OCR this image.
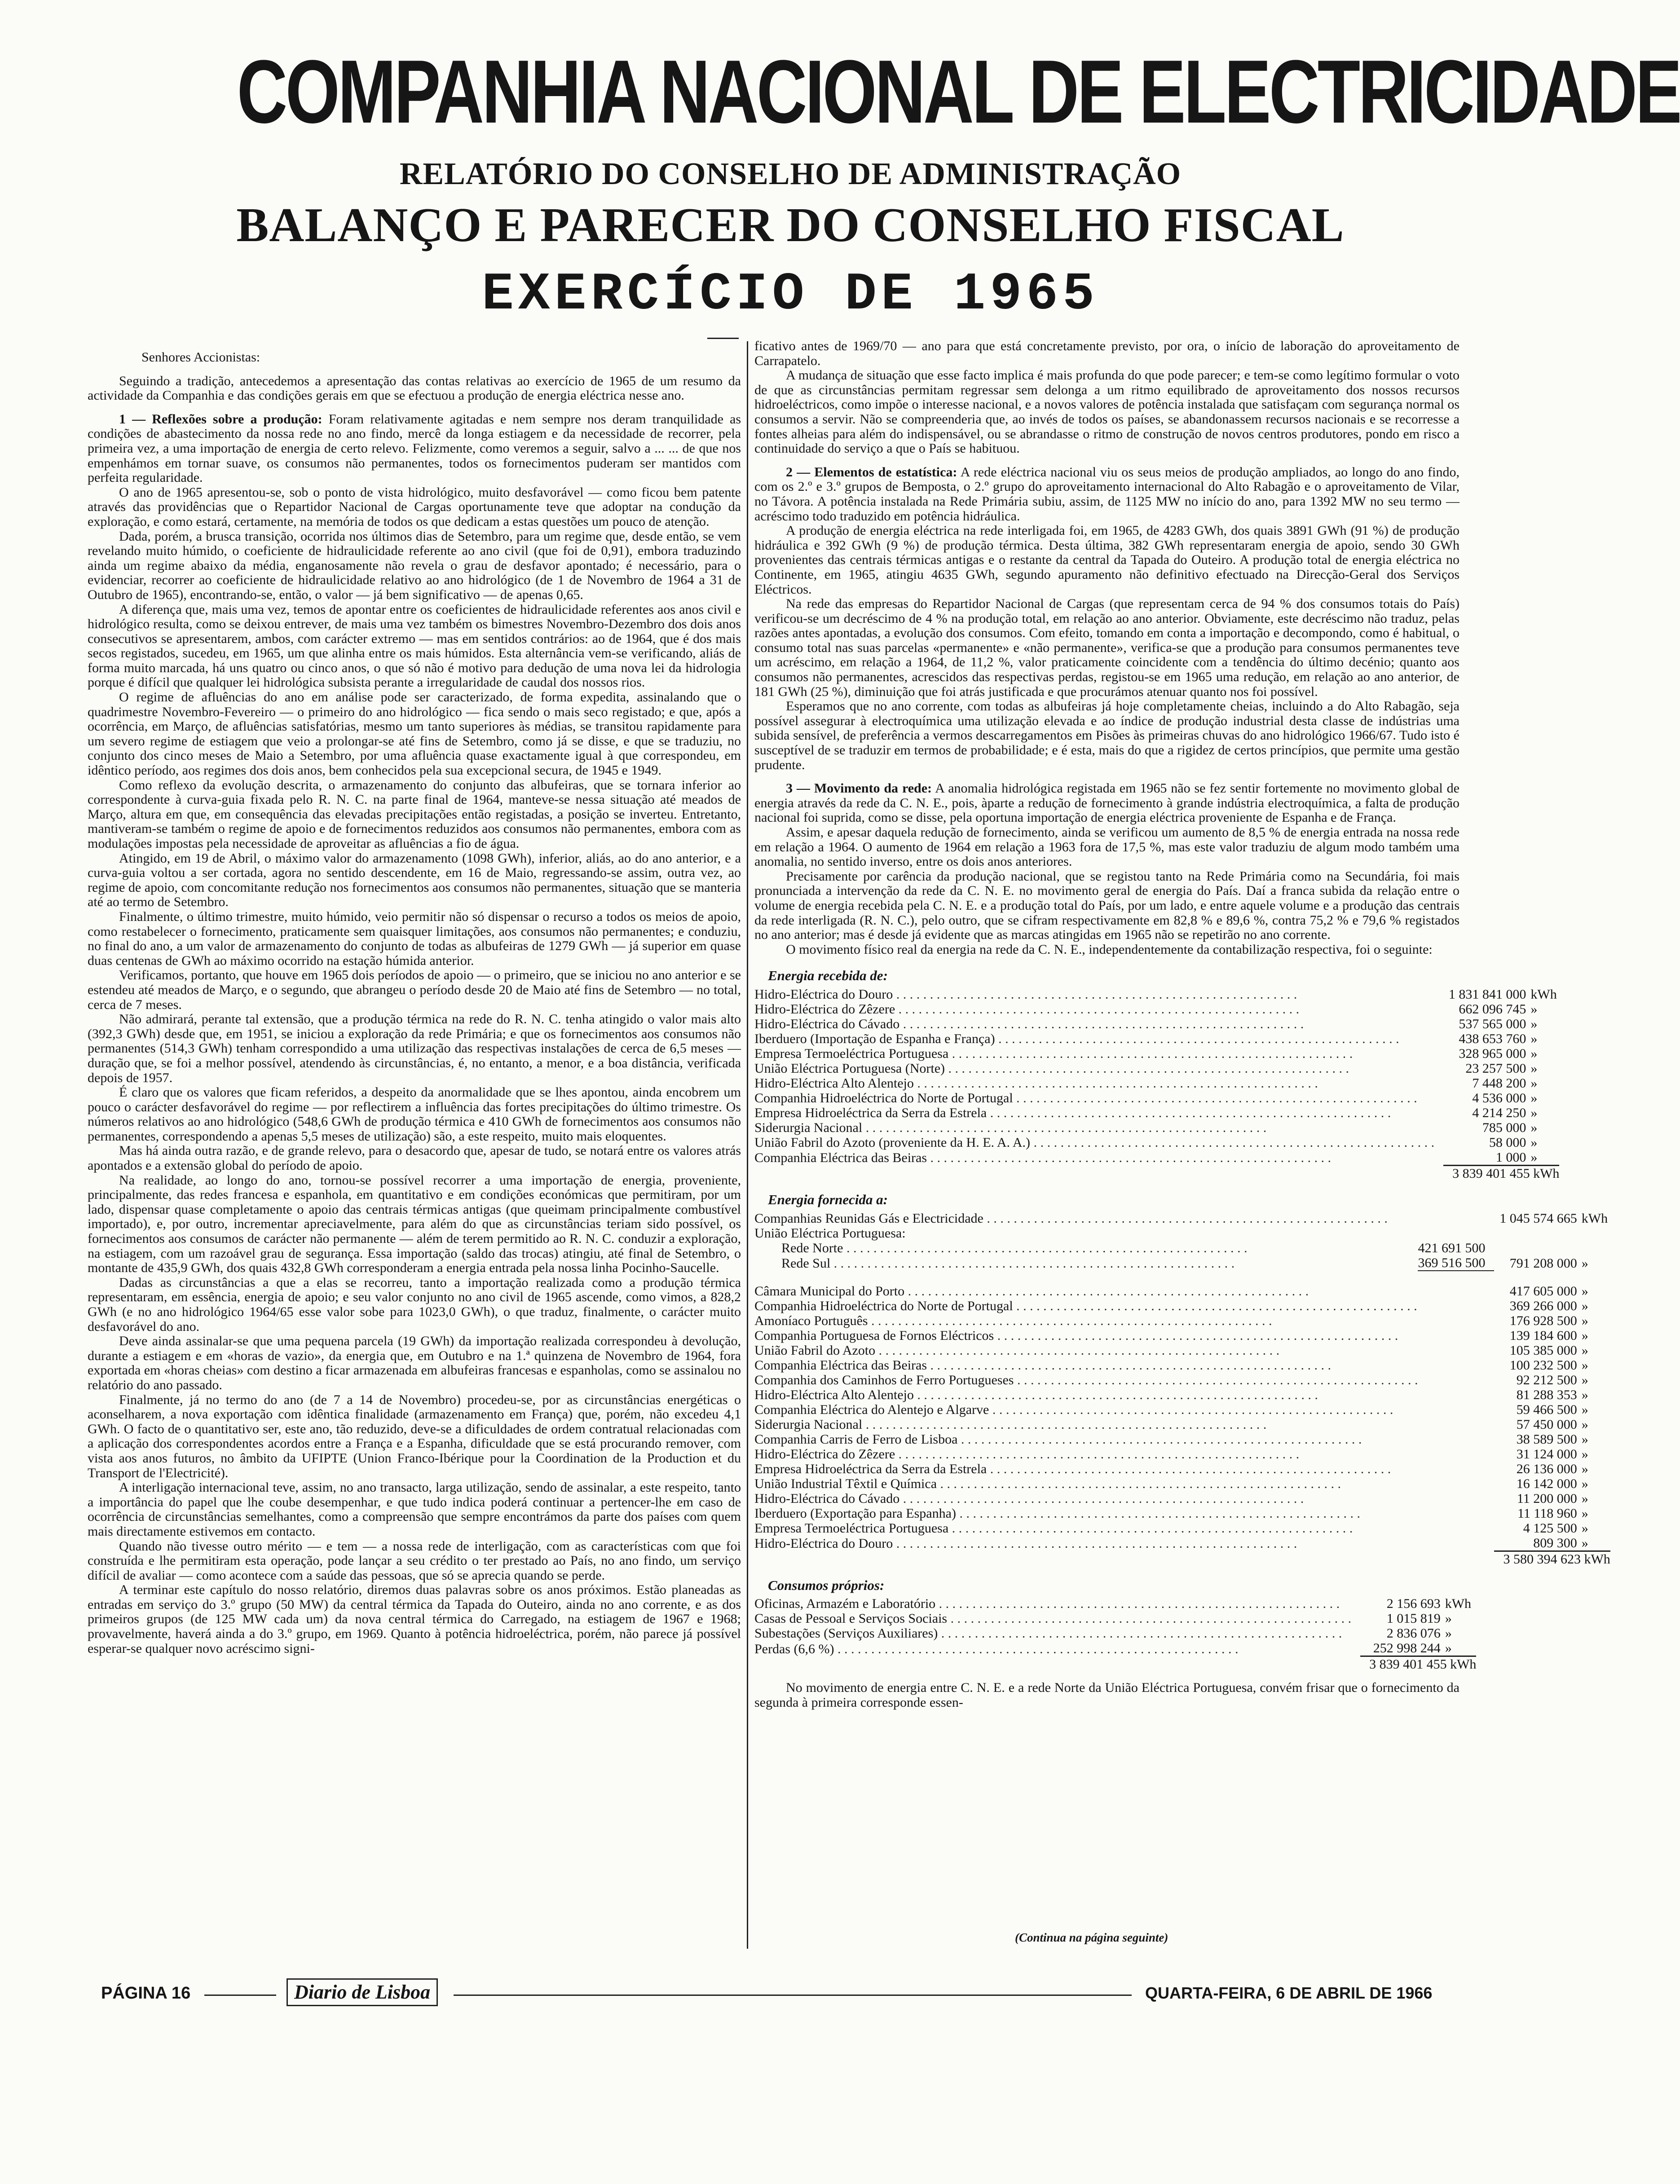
COMPANHIA NACIONAL DE ELECTRICIDADE
RELATÓRIO DO CONSELHO DE ADMINISTRAÇÃO
BALANÇO E PARECER DO CONSELHO FISCAL
EXERCÍCIO DE 1965

Senhores Accionistas:

Seguindo a tradição, antecedemos a apresentação das contas relativas ao exercício de 1965 de um resumo da actividade da Companhia e das condições gerais em que se efectuou a produção de energia eléctrica nesse ano.

1 — Reflexões sobre a produção: Foram relativamente agitadas e nem sempre nos deram tranquilidade as condições de abastecimento da nossa rede no ano findo, mercê da longa estiagem e da necessidade de recorrer, pela primeira vez, a uma importação de energia de certo relevo. Felizmente, como veremos a seguir, salvo a ... ... de que nos empenhámos em tornar suave, os consumos não permanentes, todos os fornecimentos puderam ser mantidos com perfeita regularidade.

O ano de 1965 apresentou-se, sob o ponto de vista hidrológico, muito desfavorável — como ficou bem patente através das providências que o Repartidor Nacional de Cargas oportunamente teve que adoptar na condução da exploração, e como estará, certamente, na memória de todos os que dedicam a estas questões um pouco de atenção.

Dada, porém, a brusca transição, ocorrida nos últimos dias de Setembro, para um regime que, desde então, se vem revelando muito húmido, o coeficiente de hidraulicidade referente ao ano civil (que foi de 0,91), embora traduzindo ainda um regime abaixo da média, enganosamente não revela o grau de desfavor apontado; é necessário, para o evidenciar, recorrer ao coeficiente de hidraulicidade relativo ao ano hidrológico (de 1 de Novembro de 1964 a 31 de Outubro de 1965), encontrando-se, então, o valor — já bem significativo — de apenas 0,65.

A diferença que, mais uma vez, temos de apontar entre os coeficientes de hidraulicidade referentes aos anos civil e hidrológico resulta, como se deixou entrever, de mais uma vez também os bimestres Novembro-Dezembro dos dois anos consecutivos se apresentarem, ambos, com carácter extremo — mas em sentidos contrários: ao de 1964, que é dos mais secos registados, sucedeu, em 1965, um que alinha entre os mais húmidos. Esta alternância vem-se verificando, aliás de forma muito marcada, há uns quatro ou cinco anos, o que só não é motivo para dedução de uma nova lei da hidrologia porque é difícil que qualquer lei hidrológica subsista perante a irregularidade de caudal dos nossos rios.

O regime de afluências do ano em análise pode ser caracterizado, de forma expedita, assinalando que o quadrimestre Novembro-Fevereiro — o primeiro do ano hidrológico — fica sendo o mais seco registado; e que, após a ocorrência, em Março, de afluências satisfatórias, mesmo um tanto superiores às médias, se transitou rapidamente para um severo regime de estiagem que veio a prolongar-se até fins de Setembro, como já se disse, e que se traduziu, no conjunto dos cinco meses de Maio a Setembro, por uma afluência quase exactamente igual à que correspondeu, em idêntico período, aos regimes dos dois anos, bem conhecidos pela sua excepcional secura, de 1945 e 1949.

Como reflexo da evolução descrita, o armazenamento do conjunto das albufeiras, que se tornara inferior ao correspondente à curva-guia fixada pelo R. N. C. na parte final de 1964, manteve-se nessa situação até meados de Março, altura em que, em consequência das elevadas precipitações então registadas, a posição se inverteu. Entretanto, mantiveram-se também o regime de apoio e de fornecimentos reduzidos aos consumos não permanentes, embora com as modulações impostas pela necessidade de aproveitar as afluências a fio de água.

Atingido, em 19 de Abril, o máximo valor do armazenamento (1098 GWh), inferior, aliás, ao do ano anterior, e a curva-guia voltou a ser cortada, agora no sentido descendente, em 16 de Maio, regressando-se assim, outra vez, ao regime de apoio, com concomitante redução nos fornecimentos aos consumos não permanentes, situação que se manteria até ao termo de Setembro.

Finalmente, o último trimestre, muito húmido, veio permitir não só dispensar o recurso a todos os meios de apoio, como restabelecer o fornecimento, praticamente sem quaisquer limitações, aos consumos não permanentes; e conduziu, no final do ano, a um valor de armazenamento do conjunto de todas as albufeiras de 1279 GWh — já superior em quase duas centenas de GWh ao máximo ocorrido na estação húmida anterior.

Verificamos, portanto, que houve em 1965 dois períodos de apoio — o primeiro, que se iniciou no ano anterior e se estendeu até meados de Março, e o segundo, que abrangeu o período desde 20 de Maio até fins de Setembro — no total, cerca de 7 meses.

Não admirará, perante tal extensão, que a produção térmica na rede do R. N. C. tenha atingido o valor mais alto (392,3 GWh) desde que, em 1951, se iniciou a exploração da rede Primária; e que os fornecimentos aos consumos não permanentes (514,3 GWh) tenham correspondido a uma utilização das respectivas instalações de cerca de 6,5 meses — duração que, se foi a melhor possível, atendendo às circunstâncias, é, no entanto, a menor, e a boa distância, verificada depois de 1957.

É claro que os valores que ficam referidos, a despeito da anormalidade que se lhes apontou, ainda encobrem um pouco o carácter desfavorável do regime — por reflectirem a influência das fortes precipitações do último trimestre. Os números relativos ao ano hidrológico (548,6 GWh de produção térmica e 410 GWh de fornecimentos aos consumos não permanentes, correspondendo a apenas 5,5 meses de utilização) são, a este respeito, muito mais eloquentes.

Mas há ainda outra razão, e de grande relevo, para o desacordo que, apesar de tudo, se notará entre os valores atrás apontados e a extensão global do período de apoio.

Na realidade, ao longo do ano, tornou-se possível recorrer a uma importação de energia, proveniente, principalmente, das redes francesa e espanhola, em quantitativo e em condições económicas que permitiram, por um lado, dispensar quase completamente o apoio das centrais térmicas antigas (que queimam principalmente combustível importado), e, por outro, incrementar apreciavelmente, para além do que as circunstâncias teriam sido possível, os fornecimentos aos consumos de carácter não permanente — além de terem permitido ao R. N. C. conduzir a exploração, na estiagem, com um razoável grau de segurança. Essa importação (saldo das trocas) atingiu, até final de Setembro, o montante de 435,9 GWh, dos quais 432,8 GWh corresponderam a energia entrada pela nossa linha Pocinho-Saucelle.

Dadas as circunstâncias a que a elas se recorreu, tanto a importação realizada como a produção térmica representaram, em essência, energia de apoio; e seu valor conjunto no ano civil de 1965 ascende, como vimos, a 828,2 GWh (e no ano hidrológico 1964/65 esse valor sobe para 1023,0 GWh), o que traduz, finalmente, o carácter muito desfavorável do ano.

Deve ainda assinalar-se que uma pequena parcela (19 GWh) da importação realizada correspondeu à devolução, durante a estiagem e em «horas de vazio», da energia que, em Outubro e na 1.ª quinzena de Novembro de 1964, fora exportada em «horas cheias» com destino a ficar armazenada em albufeiras francesas e espanholas, como se assinalou no relatório do ano passado.

Finalmente, já no termo do ano (de 7 a 14 de Novembro) procedeu-se, por as circunstâncias energéticas o aconselharem, a nova exportação com idêntica finalidade (armazenamento em França) que, porém, não excedeu 4,1 GWh. O facto de o quantitativo ser, este ano, tão reduzido, deve-se a dificuldades de ordem contratual relacionadas com a aplicação dos correspondentes acordos entre a França e a Espanha, dificuldade que se está procurando remover, com vista aos anos futuros, no âmbito da UFIPTE (Union Franco-Ibérique pour la Coordination de la Production et du Transport de l'Electricité).

A interligação internacional teve, assim, no ano transacto, larga utilização, sendo de assinalar, a este respeito, tanto a importância do papel que lhe coube desempenhar, e que tudo indica poderá continuar a pertencer-lhe em caso de ocorrência de circunstâncias semelhantes, como a compreensão que sempre encontrámos da parte dos países com quem mais directamente estivemos em contacto.

Quando não tivesse outro mérito — e tem — a nossa rede de interligação, com as características com que foi construída e lhe permitiram esta operação, pode lançar a seu crédito o ter prestado ao País, no ano findo, um serviço difícil de avaliar — como acontece com a saúde das pessoas, que só se aprecia quando se perde.

A terminar este capítulo do nosso relatório, diremos duas palavras sobre os anos próximos. Estão planeadas as entradas em serviço do 3.º grupo (50 MW) da central térmica da Tapada do Outeiro, ainda no ano corrente, e as dos primeiros grupos (de 125 MW cada um) da nova central térmica do Carregado, na estiagem de 1967 e 1968; provavelmente, haverá ainda a do 3.º grupo, em 1969. Quanto à potência hidroeléctrica, porém, não parece já possível esperar-se qualquer novo acréscimo signi-

ficativo antes de 1969/70 — ano para que está concretamente previsto, por ora, o início de laboração do aproveitamento de Carrapatelo.

A mudança de situação que esse facto implica é mais profunda do que pode parecer; e tem-se como legítimo formular o voto de que as circunstâncias permitam regressar sem delonga a um ritmo equilibrado de aproveitamento dos nossos recursos hidroeléctricos, como impõe o interesse nacional, e a novos valores de potência instalada que satisfaçam com segurança normal os consumos a servir. Não se compreenderia que, ao invés de todos os países, se abandonassem recursos nacionais e se recorresse a fontes alheias para além do indispensável, ou se abrandasse o ritmo de construção de novos centros produtores, pondo em risco a continuidade do serviço a que o País se habituou.

2 — Elementos de estatística: A rede eléctrica nacional viu os seus meios de produção ampliados, ao longo do ano findo, com os 2.º e 3.º grupos de Bemposta, o 2.º grupo do aproveitamento internacional do Alto Rabagão e o aproveitamento de Vilar, no Távora. A potência instalada na Rede Primária subiu, assim, de 1125 MW no início do ano, para 1392 MW no seu termo — acréscimo todo traduzido em potência hidráulica.

A produção de energia eléctrica na rede interligada foi, em 1965, de 4283 GWh, dos quais 3891 GWh (91 %) de produção hidráulica e 392 GWh (9 %) de produção térmica. Desta última, 382 GWh representaram energia de apoio, sendo 30 GWh provenientes das centrais térmicas antigas e o restante da central da Tapada do Outeiro. A produção total de energia eléctrica no Continente, em 1965, atingiu 4635 GWh, segundo apuramento não definitivo efectuado na Direcção-Geral dos Serviços Eléctricos.

Na rede das empresas do Repartidor Nacional de Cargas (que representam cerca de 94 % dos consumos totais do País) verificou-se um decréscimo de 4 % na produção total, em relação ao ano anterior. Obviamente, este decréscimo não traduz, pelas razões antes apontadas, a evolução dos consumos. Com efeito, tomando em conta a importação e decompondo, como é habitual, o consumo total nas suas parcelas «permanente» e «não permanente», verifica-se que a produção para consumos permanentes teve um acréscimo, em relação a 1964, de 11,2 %, valor praticamente coincidente com a tendência do último decénio; quanto aos consumos não permanentes, acrescidos das respectivas perdas, registou-se em 1965 uma redução, em relação ao ano anterior, de 181 GWh (25 %), diminuição que foi atrás justificada e que procurámos atenuar quanto nos foi possível.

Esperamos que no ano corrente, com todas as albufeiras já hoje completamente cheias, incluindo a do Alto Rabagão, seja possível assegurar à electroquímica uma utilização elevada e ao índice de produção industrial desta classe de indústrias uma subida sensível, de preferência a vermos descarregamentos em Pisões às primeiras chuvas do ano hidrológico 1966/67. Tudo isto é susceptível de se traduzir em termos de probabilidade; e é esta, mais do que a rigidez de certos princípios, que permite uma gestão prudente.

3 — Movimento da rede: A anomalia hidrológica registada em 1965 não se fez sentir fortemente no movimento global de energia através da rede da C. N. E., pois, àparte a redução de fornecimento à grande indústria electroquímica, a falta de produção nacional foi suprida, como se disse, pela oportuna importação de energia eléctrica proveniente de Espanha e de França.

Assim, e apesar daquela redução de fornecimento, ainda se verificou um aumento de 8,5 % de energia entrada na nossa rede em relação a 1964. O aumento de 1964 em relação a 1963 fora de 17,5 %, mas este valor traduziu de algum modo também uma anomalia, no sentido inverso, entre os dois anos anteriores.

Precisamente por carência da produção nacional, que se registou tanto na Rede Primária como na Secundária, foi mais pronunciada a intervenção da rede da C. N. E. no movimento geral de energia do País. Daí a franca subida da relação entre o volume de energia recebida pela C. N. E. e a produção total do País, por um lado, e entre aquele volume e a produção das centrais da rede interligada (R. N. C.), pelo outro, que se cifram respectivamente em 82,8 % e 89,6 %, contra 75,2 % e 79,6 % registados no ano anterior; mas é desde já evidente que as marcas atingidas em 1965 não se repetirão no ano corrente.

O movimento físico real da energia na rede da C. N. E., independentemente da contabilização respectiva, foi o seguinte:

Energia recebida de:
Hidro-Eléctrica do Douro . . . . . . . . . . . . . . . . . . . . . . . . . . . . . . . . . . . . . . . . . . . . . . . . . . . . . . . . . . . .		1 831 841 000	kWh
Hidro-Eléctrica do Zêzere . . . . . . . . . . . . . . . . . . . . . . . . . . . . . . . . . . . . . . . . . . . . . . . . . . . . . . . . . . . .		662 096 745	»
Hidro-Eléctrica do Cávado . . . . . . . . . . . . . . . . . . . . . . . . . . . . . . . . . . . . . . . . . . . . . . . . . . . . . . . . . . . .		537 565 000	»
Iberduero (Importação de Espanha e França) . . . . . . . . . . . . . . . . . . . . . . . . . . . . . . . . . . . . . . . . . . . . . . . . . . . . . . . . . . . .		438 653 760	»
Empresa Termoeléctrica Portuguesa . . . . . . . . . . . . . . . . . . . . . . . . . . . . . . . . . . . . . . . . . . . . . . . . . . . . . . . . . . . .		328 965 000	»
União Eléctrica Portuguesa (Norte) . . . . . . . . . . . . . . . . . . . . . . . . . . . . . . . . . . . . . . . . . . . . . . . . . . . . . . . . . . . .		23 257 500	»
Hidro-Eléctrica Alto Alentejo . . . . . . . . . . . . . . . . . . . . . . . . . . . . . . . . . . . . . . . . . . . . . . . . . . . . . . . . . . . .		7 448 200	»
Companhia Hidroeléctrica do Norte de Portugal . . . . . . . . . . . . . . . . . . . . . . . . . . . . . . . . . . . . . . . . . . . . . . . . . . . . . . . . . . . .		4 536 000	»
Empresa Hidroeléctrica da Serra da Estrela . . . . . . . . . . . . . . . . . . . . . . . . . . . . . . . . . . . . . . . . . . . . . . . . . . . . . . . . . . . .		4 214 250	»
Siderurgia Nacional . . . . . . . . . . . . . . . . . . . . . . . . . . . . . . . . . . . . . . . . . . . . . . . . . . . . . . . . . . . .		785 000	»
União Fabril do Azoto (proveniente da H. E. A. A.) . . . . . . . . . . . . . . . . . . . . . . . . . . . . . . . . . . . . . . . . . . . . . . . . . . . . . . . . . . . .		58 000	»
Companhia Eléctrica das Beiras . . . . . . . . . . . . . . . . . . . . . . . . . . . . . . . . . . . . . . . . . . . . . . . . . . . . . . . . . . . .		1 000	»
		3 839 401 455 kWh	
Energia fornecida a:
Companhias Reunidas Gás e Electricidade . . . . . . . . . . . . . . . . . . . . . . . . . . . . . . . . . . . . . . . . . . . . . . . . . . . . . . . . . . . .		1 045 574 665	kWh
União Eléctrica Portuguesa:			
Rede Norte . . . . . . . . . . . . . . . . . . . . . . . . . . . . . . . . . . . . . . . . . . . . . . . . . . . . . . . . . . . .	421 691 500		
Rede Sul . . . . . . . . . . . . . . . . . . . . . . . . . . . . . . . . . . . . . . . . . . . . . . . . . . . . . . . . . . . .	369 516 500	791 208 000	»

Câmara Municipal do Porto . . . . . . . . . . . . . . . . . . . . . . . . . . . . . . . . . . . . . . . . . . . . . . . . . . . . . . . . . . . .		417 605 000	»
Companhia Hidroeléctrica do Norte de Portugal . . . . . . . . . . . . . . . . . . . . . . . . . . . . . . . . . . . . . . . . . . . . . . . . . . . . . . . . . . . .		369 266 000	»
Amoníaco Português . . . . . . . . . . . . . . . . . . . . . . . . . . . . . . . . . . . . . . . . . . . . . . . . . . . . . . . . . . . .		176 928 500	»
Companhia Portuguesa de Fornos Eléctricos . . . . . . . . . . . . . . . . . . . . . . . . . . . . . . . . . . . . . . . . . . . . . . . . . . . . . . . . . . . .		139 184 600	»
União Fabril do Azoto . . . . . . . . . . . . . . . . . . . . . . . . . . . . . . . . . . . . . . . . . . . . . . . . . . . . . . . . . . . .		105 385 000	»
Companhia Eléctrica das Beiras . . . . . . . . . . . . . . . . . . . . . . . . . . . . . . . . . . . . . . . . . . . . . . . . . . . . . . . . . . . .		100 232 500	»
Companhia dos Caminhos de Ferro Portugueses . . . . . . . . . . . . . . . . . . . . . . . . . . . . . . . . . . . . . . . . . . . . . . . . . . . . . . . . . . . .		92 212 500	»
Hidro-Eléctrica Alto Alentejo . . . . . . . . . . . . . . . . . . . . . . . . . . . . . . . . . . . . . . . . . . . . . . . . . . . . . . . . . . . .		81 288 353	»
Companhia Eléctrica do Alentejo e Algarve . . . . . . . . . . . . . . . . . . . . . . . . . . . . . . . . . . . . . . . . . . . . . . . . . . . . . . . . . . . .		59 466 500	»
Siderurgia Nacional . . . . . . . . . . . . . . . . . . . . . . . . . . . . . . . . . . . . . . . . . . . . . . . . . . . . . . . . . . . .		57 450 000	»
Companhia Carris de Ferro de Lisboa . . . . . . . . . . . . . . . . . . . . . . . . . . . . . . . . . . . . . . . . . . . . . . . . . . . . . . . . . . . .		38 589 500	»
Hidro-Eléctrica do Zêzere . . . . . . . . . . . . . . . . . . . . . . . . . . . . . . . . . . . . . . . . . . . . . . . . . . . . . . . . . . . .		31 124 000	»
Empresa Hidroeléctrica da Serra da Estrela . . . . . . . . . . . . . . . . . . . . . . . . . . . . . . . . . . . . . . . . . . . . . . . . . . . . . . . . . . . .		26 136 000	»
União Industrial Têxtil e Química . . . . . . . . . . . . . . . . . . . . . . . . . . . . . . . . . . . . . . . . . . . . . . . . . . . . . . . . . . . .		16 142 000	»
Hidro-Eléctrica do Cávado . . . . . . . . . . . . . . . . . . . . . . . . . . . . . . . . . . . . . . . . . . . . . . . . . . . . . . . . . . . .		11 200 000	»
Iberduero (Exportação para Espanha) . . . . . . . . . . . . . . . . . . . . . . . . . . . . . . . . . . . . . . . . . . . . . . . . . . . . . . . . . . . .		11 118 960	»
Empresa Termoeléctrica Portuguesa . . . . . . . . . . . . . . . . . . . . . . . . . . . . . . . . . . . . . . . . . . . . . . . . . . . . . . . . . . . .		4 125 500	»
Hidro-Eléctrica do Douro . . . . . . . . . . . . . . . . . . . . . . . . . . . . . . . . . . . . . . . . . . . . . . . . . . . . . . . . . . . .		809 300	»
		3 580 394 623 kWh	
Consumos próprios:
Oficinas, Armazém e Laboratório . . . . . . . . . . . . . . . . . . . . . . . . . . . . . . . . . . . . . . . . . . . . . . . . . . . . . . . . . . . .		2 156 693	kWh
Casas de Pessoal e Serviços Sociais . . . . . . . . . . . . . . . . . . . . . . . . . . . . . . . . . . . . . . . . . . . . . . . . . . . . . . . . . . . .		1 015 819	»
Subestações (Serviços Auxiliares) . . . . . . . . . . . . . . . . . . . . . . . . . . . . . . . . . . . . . . . . . . . . . . . . . . . . . . . . . . . .		2 836 076	»
Perdas (6,6 %) . . . . . . . . . . . . . . . . . . . . . . . . . . . . . . . . . . . . . . . . . . . . . . . . . . . . . . . . . . . .		252 998 244	»
		3 839 401 455 kWh	

No movimento de energia entre C. N. E. e a rede Norte da União Eléctrica Portuguesa, convém frisar que o fornecimento da segunda à primeira corresponde essen-

(Continua na página seguinte)
PÁGINA 16	Diario de Lisboa	QUARTA-FEIRA, 6 DE ABRIL DE 1966
